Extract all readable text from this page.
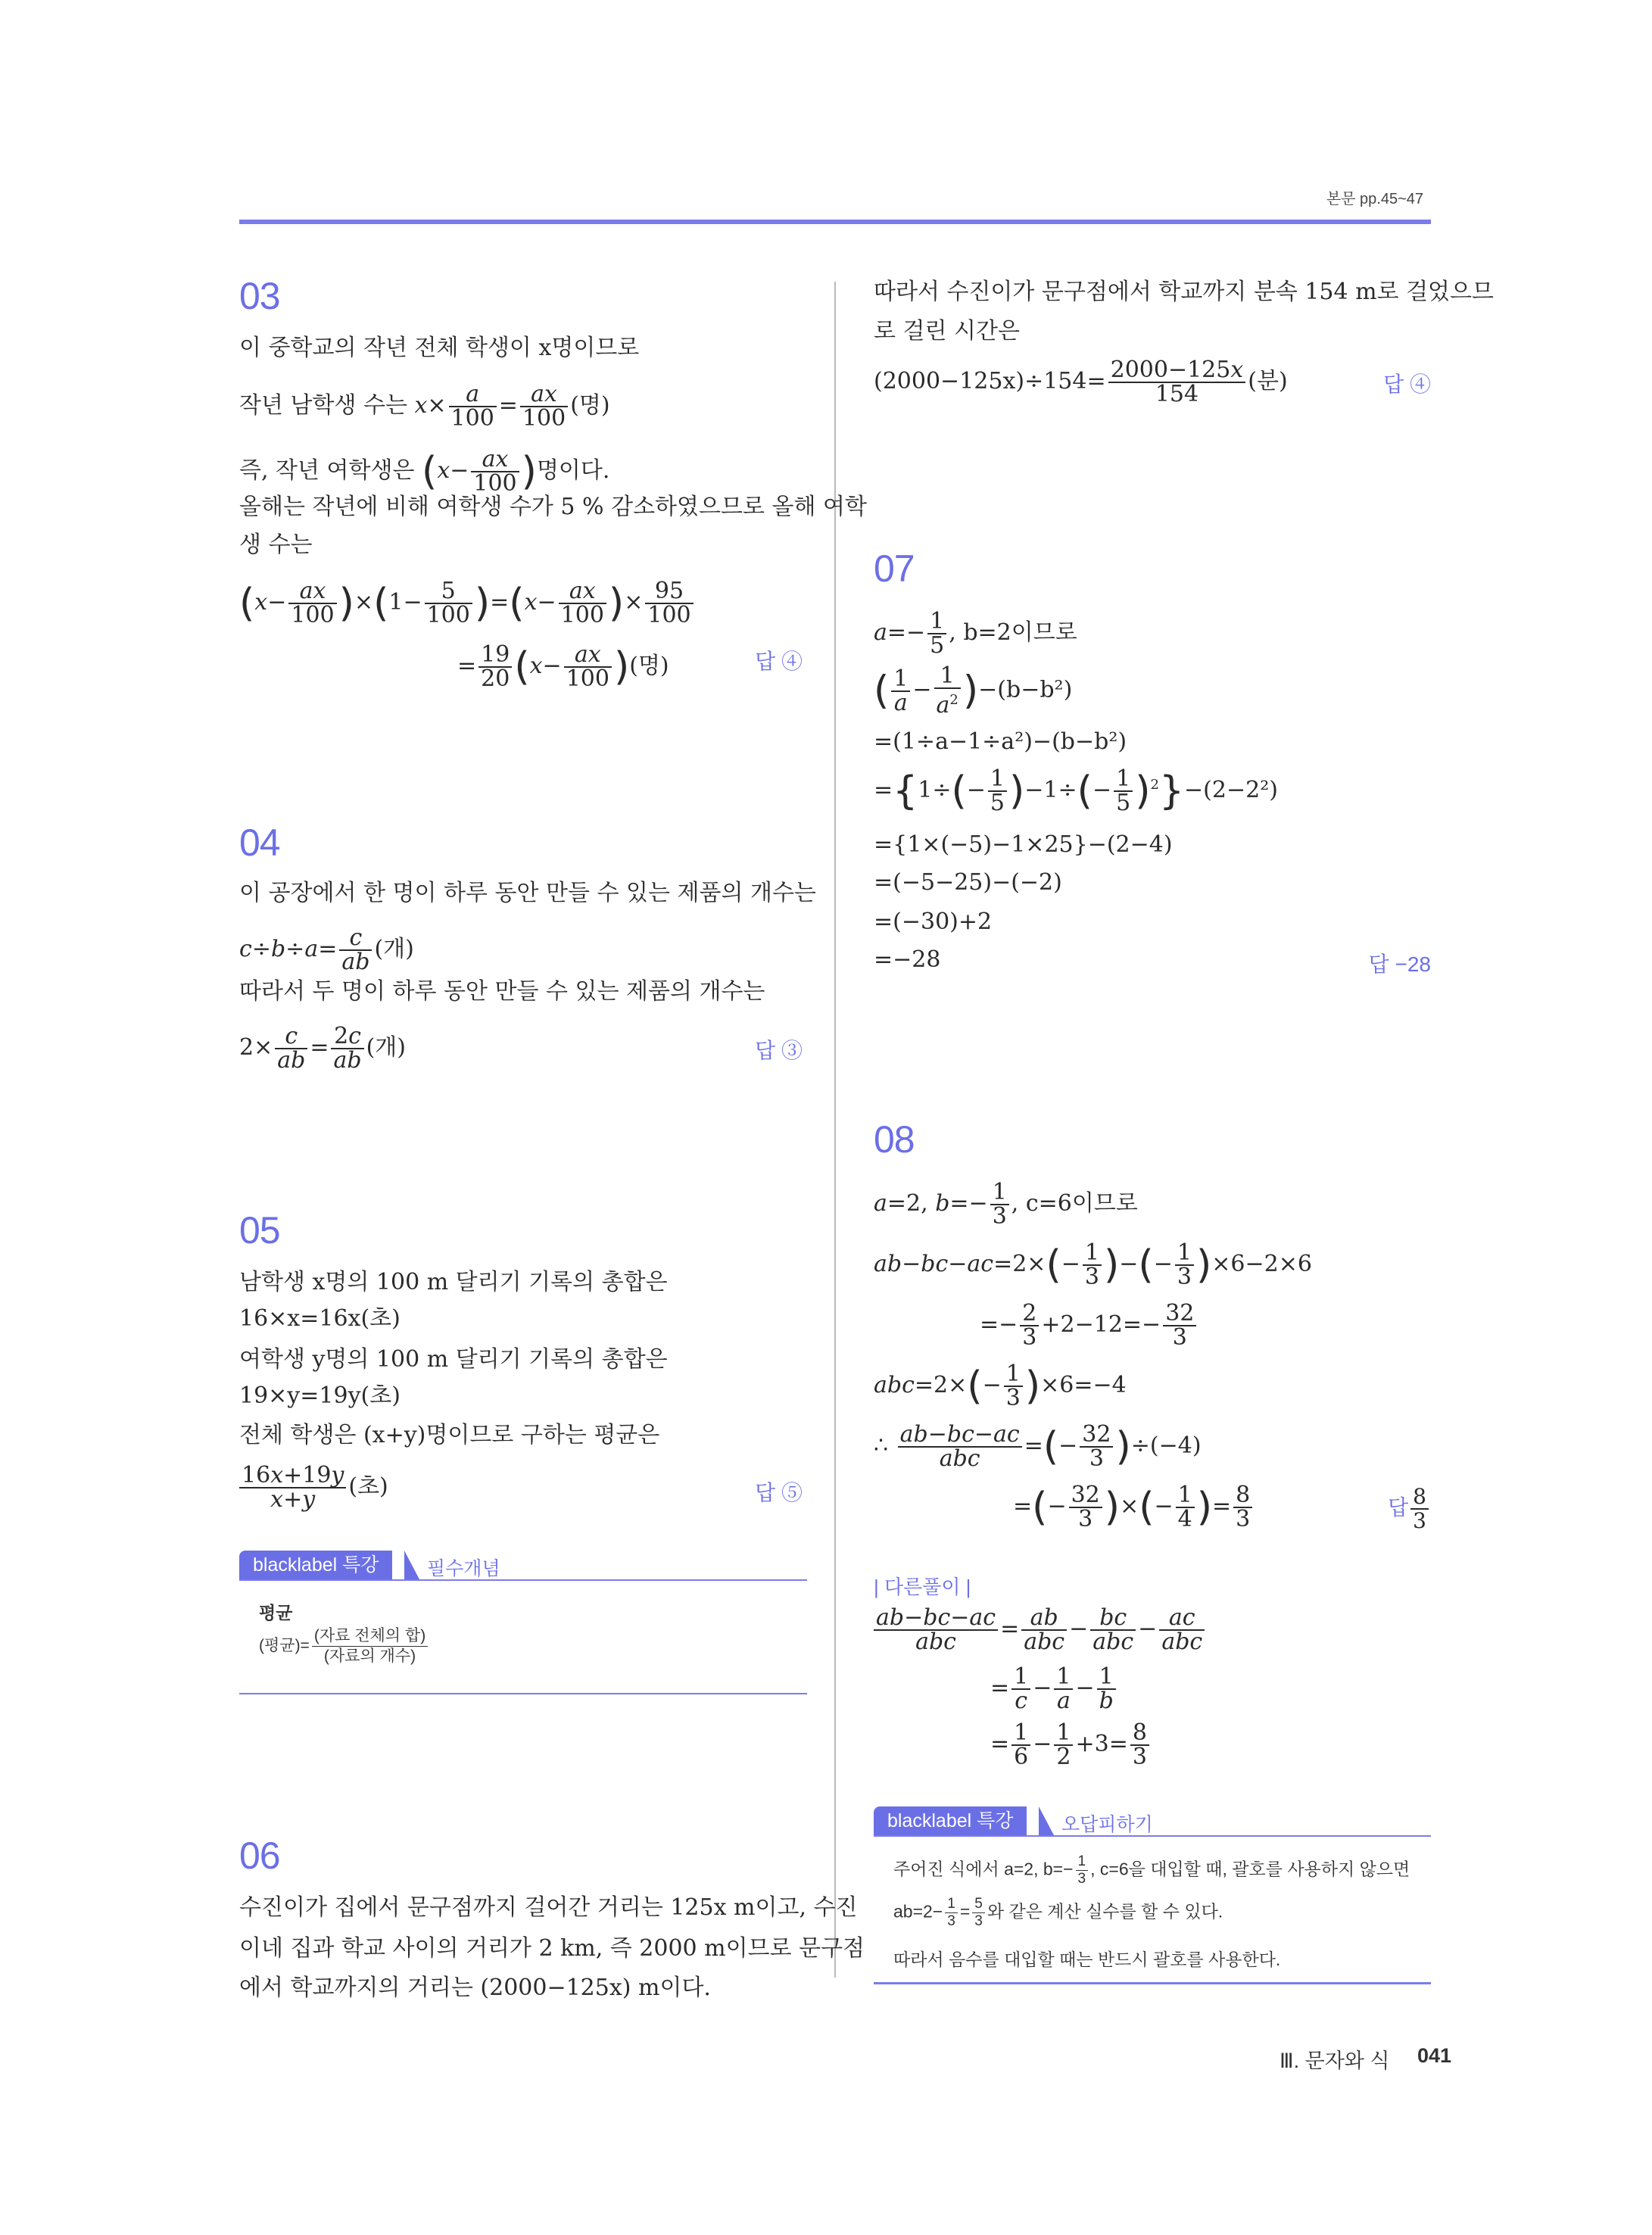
본문 pp.45~47
03
이 중학교의 작년 전체 학생이 x명이므로
작년 남학생 수는 $x\times \frac{a}{100} = \frac{ax}{100}$ (명)
즉, 작년 여학생은 ($x- \frac{ax}{100}$ )명이다.
올해는 작년에 비해 여학생 수가 5 % 감소하였으므로 올해 여학
생 수는
$(x- \frac{ax}{100} )\times(1- \frac{5}{100} )=(x- \frac{ax}{100}$ )× $\frac{95}{100}$
= $\frac{19}{20} (x- \frac{ax}{100}$ )(명)	답 ④
04
이 공장에서 한 명이 하루 동안 만들 수 있는 제품의 개수는
$c\div b\div a= \frac{c}{ab}$ (개)
따라서 두 명이 하루 동안 만들 수 있는 제품의 개수는
$2\times \frac{c}{ab} = \frac{2c}{ab}$ (개)	답 ③
05
남학생 x명의 100 m 달리기 기록의 총합은
16×x=16x(초)
여학생 y명의 100 m 달리기 기록의 총합은
19×y=19y(초)
전체 학생은 (x+y)명이므로 구하는 평균은
$\frac{16x+19y}{x+y}$ (초)	답 ⑤
blacklabel 특강	필수개념
평균
(평균)= $\frac{\text{(자료 전체의 합)}}{\text{(자료의 개수)}}$
06
수진이가 집에서 문구점까지 걸어간 거리는 125x m이고, 수진
이네 집과 학교 사이의 거리가 2 km, 즉 2000 m이므로 문구점
에서 학교까지의 거리는 (2000−125x) m이다.
따라서 수진이가 문구점에서 학교까지 분속 154 m로 걸었으므
로 걸린 시간은
$(2000-125x)\div 154= \frac{2000-125x}{154}$ (분)	답 ④
07
$a=- \frac{1}{5}$ , b=2이므로
( $\frac{1}{a} - \frac{1}{a^2} )-(b-b^2)$
=(1÷a−1÷a²)−(b−b²)
$=\{1\div(- \frac{1}{5} )-1\div(- \frac{1}{5} )^2\}-(2-2^2)$
={1×(−5)−1×25}−(2−4)
=(−5−25)−(−2)
=(−30)+2
=−28	답 −28
08
a=2, $b=- \frac{1}{3}$ , c=6이므로
$ab-bc-ac=2\times(- \frac{1}{3}$ )−(− $\frac{1}{3} )\times 6-2\times 6$
=− $\frac{2}{3} +2-12=- \frac{32}{3}$
$abc=2\times(- \frac{1}{3} )\times 6=-4$
∴ $\frac{ab-bc-ac}{\text{abc}}$ =(− $\frac{32}{3} )\div(-4)$
=(− $\frac{32}{3}$ )×(− $\frac{1}{4}$ )= $\frac{8}{3}$	답 $\frac{8}{3}$
| 다른풀이 |
$\frac{ab-bc-ac}{\text{abc}} = \frac{ab}{\text{abc}} - \frac{bc}{\text{abc}} - \frac{ac}{\text{abc}}$
= $\frac{1}{c} - \frac{1}{a} - \frac{1}{b}$
= $\frac{1}{6} - \frac{1}{2} +3= \frac{8}{3}$
blacklabel 특강	오답피하기
주어진 식에서 a=2, $b=- \frac{1}{3}$ , c=6을 대입할 때, 괄호를 사용하지 않으면
$ab=2- \frac{1}{3} = \frac{5}{3}$ 와 같은 계산 실수를 할 수 있다.
따라서 음수를 대입할 때는 반드시 괄호를 사용한다.
Ⅲ. 문자와 식 041
